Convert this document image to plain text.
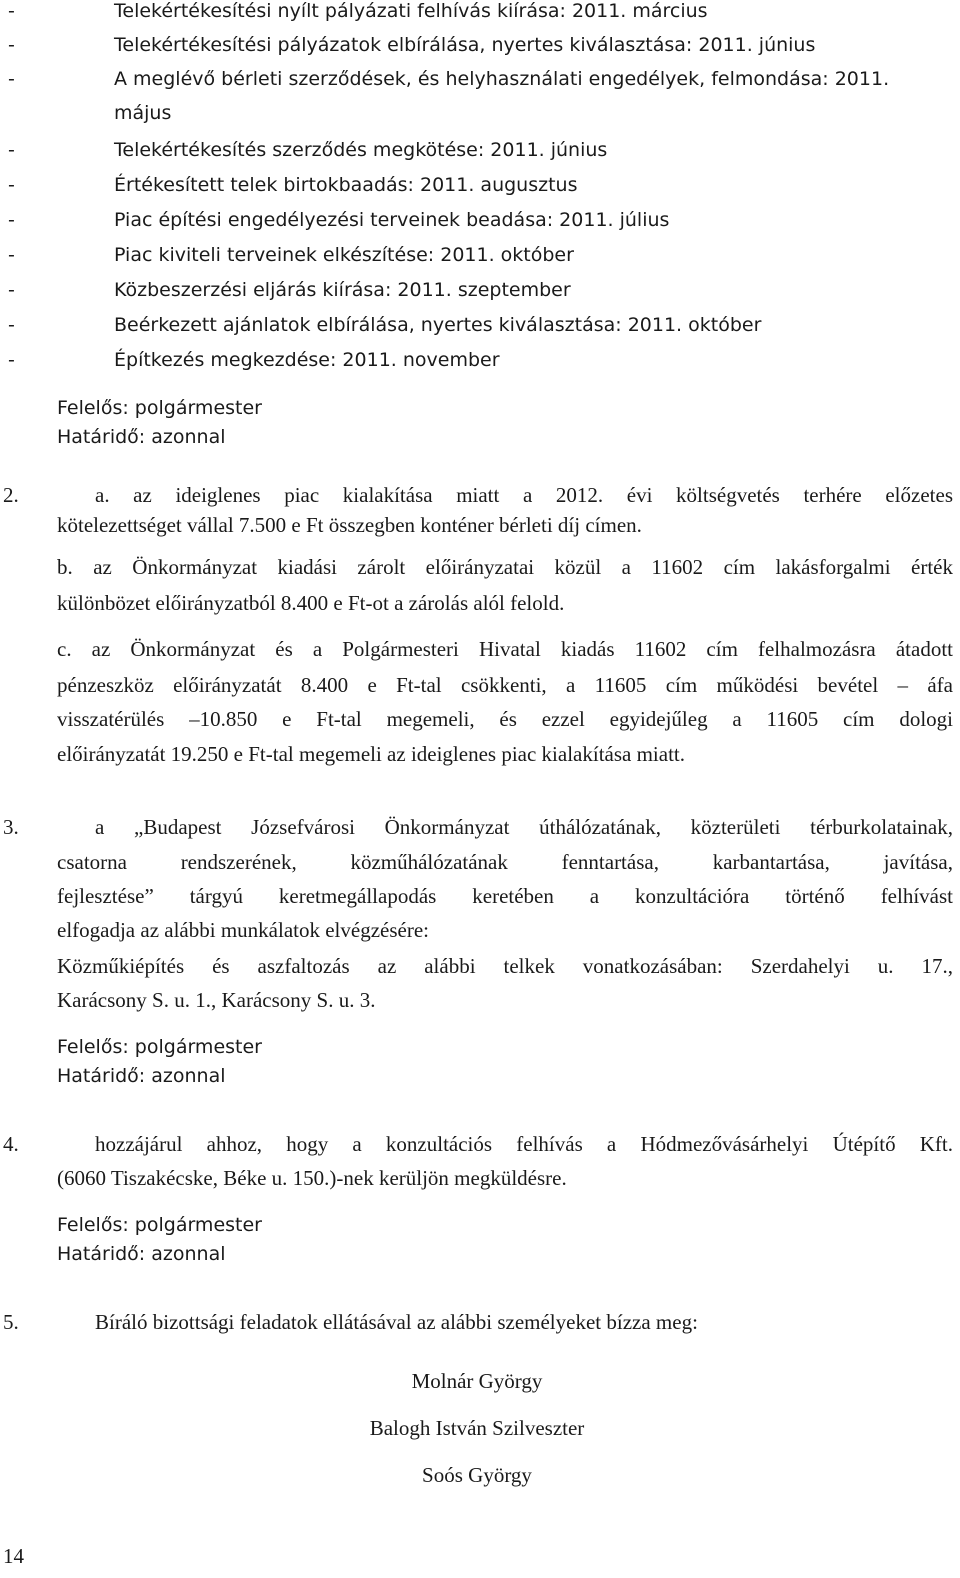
-	Telekértékesítési nyílt pályázati felhívás kiírása: 2011. március
-	Telekértékesítési pályázatok elbírálása, nyertes kiválasztása: 2011. június
-	A meglévő bérleti szerződések, és helyhasználati engedélyek, felmondása: 2011.
május
-	Telekértékesítés szerződés megkötése: 2011. június
-	Értékesített telek birtokbaadás: 2011. augusztus
-	Piac építési engedélyezési terveinek beadása: 2011. július
-	Piac kiviteli terveinek elkészítése: 2011. október
-	Közbeszerzési eljárás kiírása: 2011. szeptember
-	Beérkezett ajánlatok elbírálása, nyertes kiválasztása: 2011. október
-	Építkezés megkezdése: 2011. november
Felelős: polgármester
Határidő: azonnal
2.	a. az ideiglenes piac kialakítása miatt a 2012. évi költségvetés terhére előzetes
kötelezettséget vállal 7.500 e Ft összegben konténer bérleti díj címen.
b. az Önkormányzat kiadási zárolt előirányzatai közül a 11602 cím lakásforgalmi érték
különbözet előirányzatból 8.400 e Ft-ot a zárolás alól felold.
c. az Önkormányzat és a Polgármesteri Hivatal kiadás 11602 cím felhalmozásra átadott
pénzeszköz előirányzatát 8.400 e Ft-tal csökkenti, a 11605 cím működési bevétel – áfa
visszatérülés –10.850 e Ft-tal megemeli, és ezzel egyidejűleg a 11605 cím dologi
előirányzatát 19.250 e Ft-tal megemeli az ideiglenes piac kialakítása miatt.
3.	a „Budapest Józsefvárosi Önkormányzat úthálózatának, közterületi térburkolatainak,
csatorna rendszerének, közműhálózatának fenntartása, karbantartása, javítása,
fejlesztése” tárgyú keretmegállapodás keretében a konzultációra történő felhívást
elfogadja az alábbi munkálatok elvégzésére:
Közműkiépítés és aszfaltozás az alábbi telkek vonatkozásában: Szerdahelyi u. 17.,
Karácsony S. u. 1., Karácsony S. u. 3.
Felelős: polgármester
Határidő: azonnal
4.	hozzájárul ahhoz, hogy a konzultációs felhívás a Hódmezővásárhelyi Útépítő Kft.
(6060 Tiszakécske, Béke u. 150.)-nek kerüljön megküldésre.
Felelős: polgármester
Határidő: azonnal
5.	Bíráló bizottsági feladatok ellátásával az alábbi személyeket bízza meg:
Molnár György
Balogh István Szilveszter
Soós György
14
